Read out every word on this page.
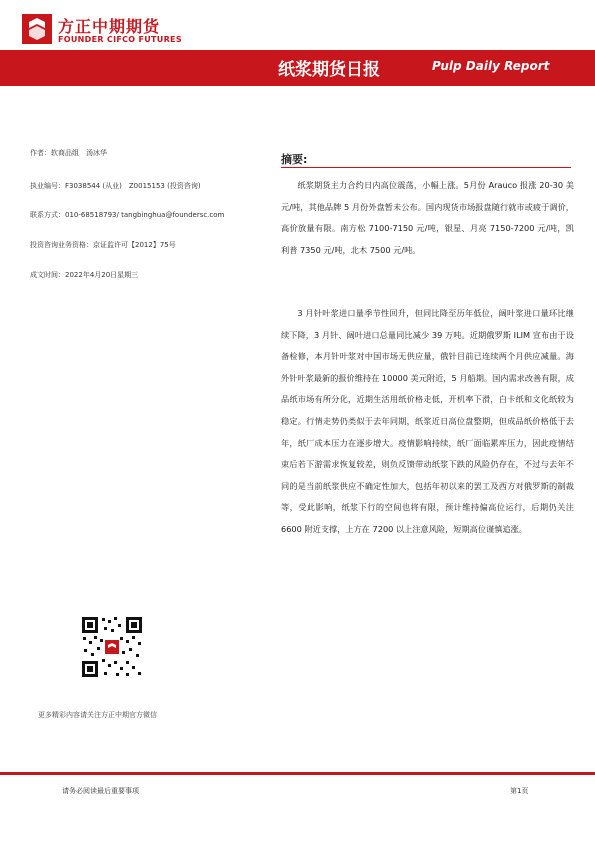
方正中期期货
FOUNDER CIFCO FUTURES
纸浆期货日报	Pulp Daily Report
作者：软商品组　汤冰华
执业编号：F3038544 (从业)　Z0015153 (投资咨询)
联系方式：010-68518793/ tangbinghua@foundersc.com
投资咨询业务资格：京证监许可【2012】75号
成文时间：2022年4月20日星期三
摘要:

纸浆期货主力合约日内高位震荡，小幅上涨。5月份 Arauco 报涨 20-30 美元/吨，其他品牌 5 月份外盘暂未公布。国内现货市场报盘随行就市或疲于调价，高价放量有限。南方松 7100-7150 元/吨，银星、月亮 7150-7200 元/吨，凯利普 7350 元/吨，北木 7500 元/吨。

3 月针叶浆进口量季节性回升，但同比降至历年低位，阔叶浆进口量环比继续下降，3 月针、阔叶进口总量同比减少 39 万吨。近期俄罗斯 ILIM 宣布由于设备检修，本月针叶浆对中国市场无供应量，俄针目前已连续两个月供应减量。海外针叶浆最新的报价维持在 10000 美元附近，5 月船期。国内需求改善有限，成品纸市场有所分化，近期生活用纸价格走低，开机率下滑，白卡纸和文化纸较为稳定。行情走势仍类似于去年同期，纸浆近日高位盘整期，但成品纸价格低于去年，纸厂成本压力在逐步增大。疫情影响持续，纸厂面临累库压力，因此疫情结束后若下游需求恢复较差，则负反馈带动纸浆下跌的风险仍存在，不过与去年不同的是当前纸浆供应不确定性加大，包括年初以来的罢工及西方对俄罗斯的制裁等，受此影响，纸浆下行的空间也将有限，预计维持偏高位运行，后期仍关注 6600 附近支撑，上方在 7200 以上注意风险，短期高位谨慎追涨。

更多精彩内容请关注方正中期官方微信
请务必阅读最后重要事项	第1页
